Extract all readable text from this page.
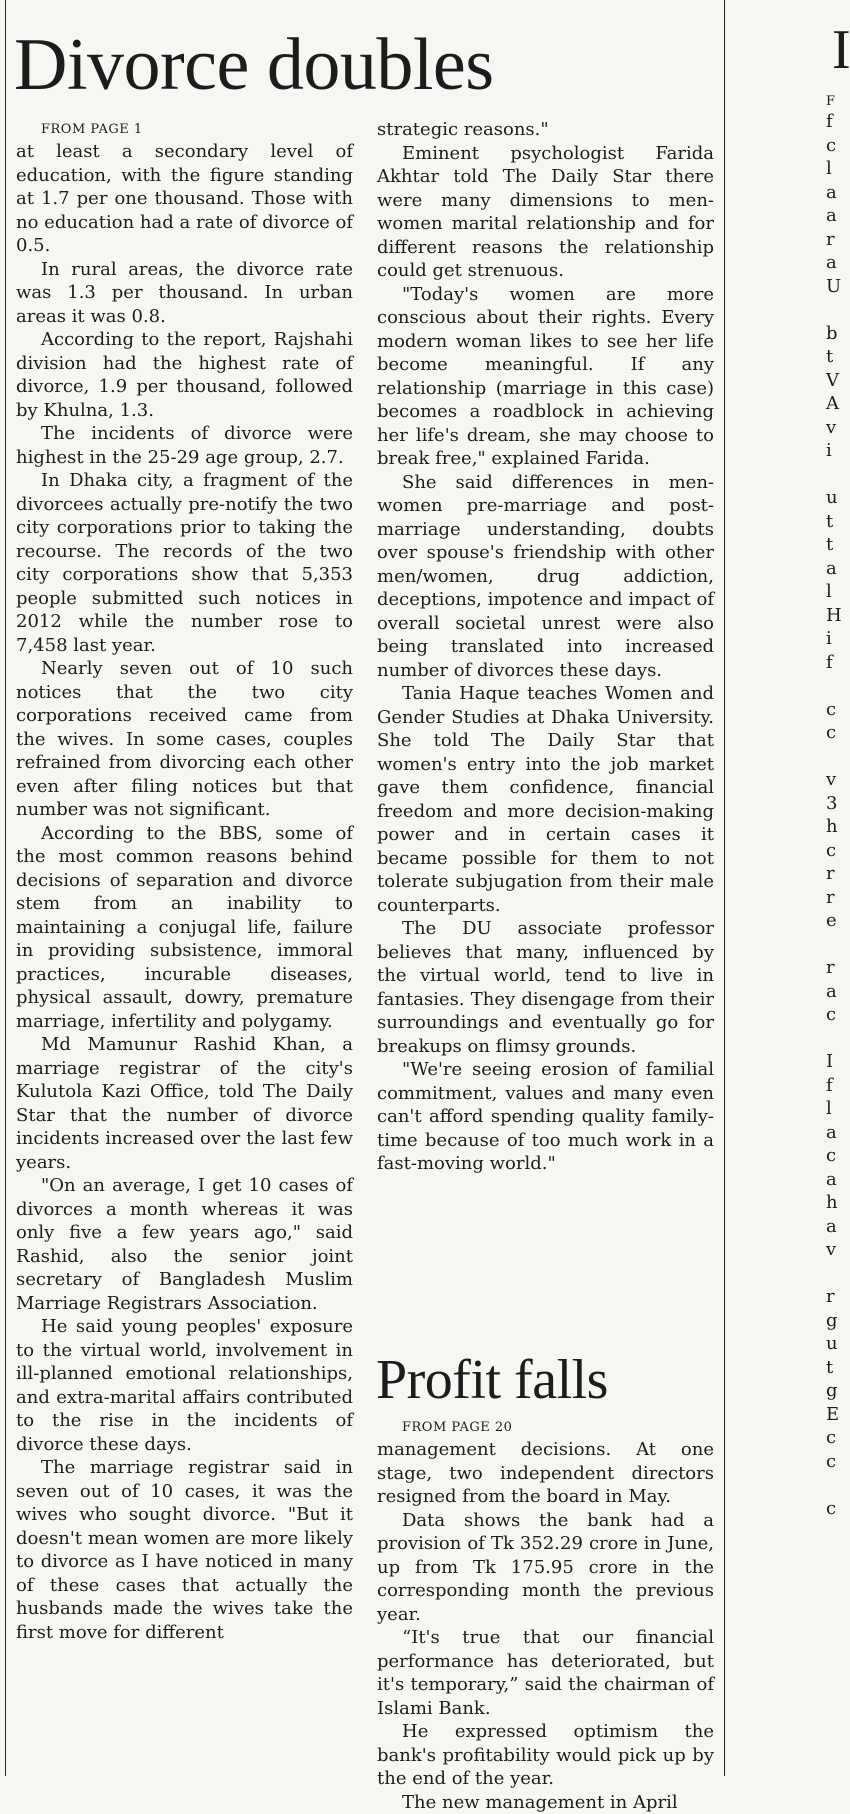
Divorce doubles

FROM PAGE 1

at least a secondary level of education, with the figure standing at 1.7 per one thousand. Those with no education had a rate of divorce of 0.5.

In rural areas, the divorce rate was 1.3 per thousand. In urban areas it was 0.8.

According to the report, Rajshahi division had the highest rate of divorce, 1.9 per thousand, followed by Khulna, 1.3.

The incidents of divorce were highest in the 25-29 age group, 2.7.

In Dhaka city, a fragment of the divorcees actually pre-notify the two city corporations prior to taking the recourse. The records of the two city corporations show that 5,353 people submitted such notices in 2012 while the number rose to 7,458 last year.

Nearly seven out of 10 such notices that the two city corporations received came from the wives. In some cases, couples refrained from divorcing each other even after filing notices but that number was not significant.

According to the BBS, some of the most common reasons behind decisions of separation and divorce stem from an inability to maintaining a conjugal life, failure in providing subsistence, immoral practices, incurable diseases, physical assault, dowry, premature marriage, infertility and polygamy.

Md Mamunur Rashid Khan, a marriage registrar of the city's Kulutola Kazi Office, told The Daily Star that the number of divorce incidents increased over the last few years.

"On an average, I get 10 cases of divorces a month whereas it was only five a few years ago," said Rashid, also the senior joint secretary of Bangladesh Muslim Marriage Registrars Association.

He said young peoples' exposure to the virtual world, involvement in ill-planned emotional relationships, and extra-marital affairs contributed to the rise in the incidents of divorce these days.

The marriage registrar said in seven out of 10 cases, it was the wives who sought divorce. "But it doesn't mean women are more likely to divorce as I have noticed in many of these cases that actually the husbands made the wives take the first move for different

strategic reasons."

Eminent psychologist Farida Akhtar told The Daily Star there were many dimensions to men-women marital relationship and for different reasons the relationship could get strenuous.

"Today's women are more conscious about their rights. Every modern woman likes to see her life become meaningful. If any relationship (marriage in this case) becomes a roadblock in achieving her life's dream, she may choose to break free," explained Farida.

She said differences in men-women pre-marriage and post-marriage understanding, doubts over spouse's friendship with other men/women, drug addiction, deceptions, impotence and impact of overall societal unrest were also being translated into increased number of divorces these days.

Tania Haque teaches Women and Gender Studies at Dhaka University. She told The Daily Star that women's entry into the job market gave them confidence, financial freedom and more decision-making power and in certain cases it became possible for them to not tolerate subjugation from their male counterparts.

The DU associate professor believes that many, influenced by the virtual world, tend to live in fantasies. They disengage from their surroundings and eventually go for breakups on flimsy grounds.

"We're seeing erosion of familial commitment, values and many even can't afford spending quality family-time because of too much work in a fast-moving world."

Profit falls

FROM PAGE 20

management decisions. At one stage, two independent directors resigned from the board in May.

Data shows the bank had a provision of Tk 352.29 crore in June, up from Tk 175.95 crore in the corresponding month the previous year.

“It's true that our financial performance has deteriorated, but it's temporary,” said the chairman of Islami Bank.

He expressed optimism the bank's profitability would pick up by the end of the year.

The new management in April

I
F
f
c
l
a
a
r
a
U
b
t
V
A
v
i
u
t
t
a
l
H
i
f
c
c
v
3
h
c
r
r
e
r
a
c
I
f
l
a
c
a
h
a
v
r
g
u
t
g
E
c
c
c
